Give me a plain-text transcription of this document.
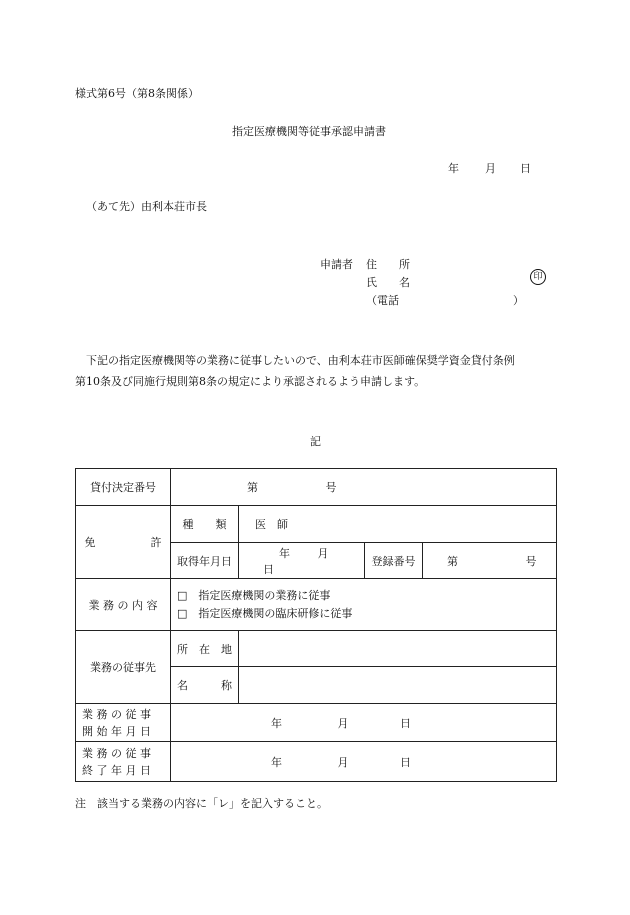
様式第6号（第8条関係）
指定医療機関等従事承認申請書
年 月 日
（あて先）由利本荘市長
申請者 住　　所
氏　　名	印
（電話	）
下記の指定医療機関等の業務に従事したいので、由利本荘市医師確保奨学資金貸付条例
第10条及び同施行規則第8条の規定により承認されるよう申請します。
記
貸付決定番号	第 号			
免　　　　　許	種　　類	医　師		
	取得年月日	年 月 日	登録番号	第 号
業 務 の 内 容	□　指定医療機関の業務に従事
□　指定医療機関の臨床研修に従事			

業務の従事先	所　在　地			
	名　　　称			

業 務 の 従 事
開 始 年 月 日	年 月 日			

業 務 の 従 事
終 了 年 月 日	年 月 日			
注　該当する業務の内容に「レ」を記入すること。
